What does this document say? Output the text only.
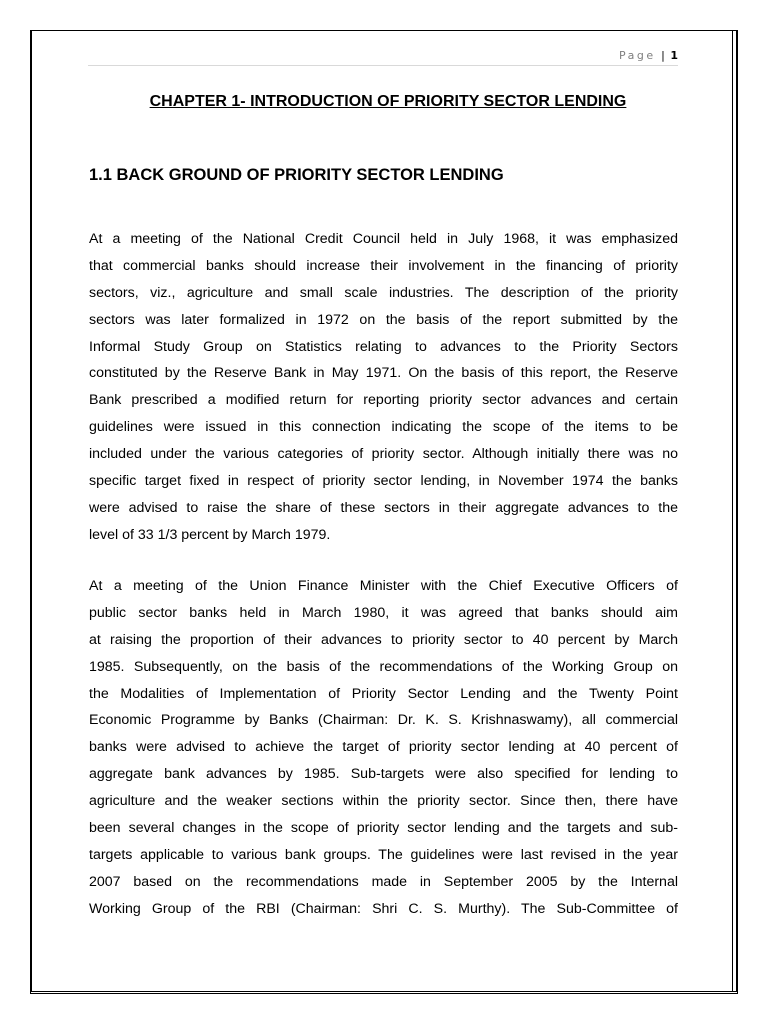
Page | 1
CHAPTER 1- INTRODUCTION OF PRIORITY SECTOR LENDING
1.1 BACK GROUND OF PRIORITY SECTOR LENDING
At a meeting of the National Credit Council held in July 1968, it was emphasized
that commercial banks should increase their involvement in the financing of priority
sectors, viz., agriculture and small scale industries. The description of the priority
sectors was later formalized in 1972 on the basis of the report submitted by the
Informal Study Group on Statistics relating to advances to the Priority Sectors
constituted by the Reserve Bank in May 1971. On the basis of this report, the Reserve
Bank prescribed a modified return for reporting priority sector advances and certain
guidelines were issued in this connection indicating the scope of the items to be
included under the various categories of priority sector. Although initially there was no
specific target fixed in respect of priority sector lending, in November 1974 the banks
were advised to raise the share of these sectors in their aggregate advances to the
level of 33 1/3 percent by March 1979.
At a meeting of the Union Finance Minister with the Chief Executive Officers of
public sector banks held in March 1980, it was agreed that banks should aim
at raising the proportion of their advances to priority sector to 40 percent by March
1985. Subsequently, on the basis of the recommendations of the Working Group on
the Modalities of Implementation of Priority Sector Lending and the Twenty Point
Economic Programme by Banks (Chairman: Dr. K. S. Krishnaswamy), all commercial
banks were advised to achieve the target of priority sector lending at 40 percent of
aggregate bank advances by 1985. Sub-targets were also specified for lending to
agriculture and the weaker sections within the priority sector. Since then, there have
been several changes in the scope of priority sector lending and the targets and sub-
targets applicable to various bank groups. The guidelines were last revised in the year
2007 based on the recommendations made in September 2005 by the Internal
Working Group of the RBI (Chairman: Shri C. S. Murthy). The Sub-Committee of
